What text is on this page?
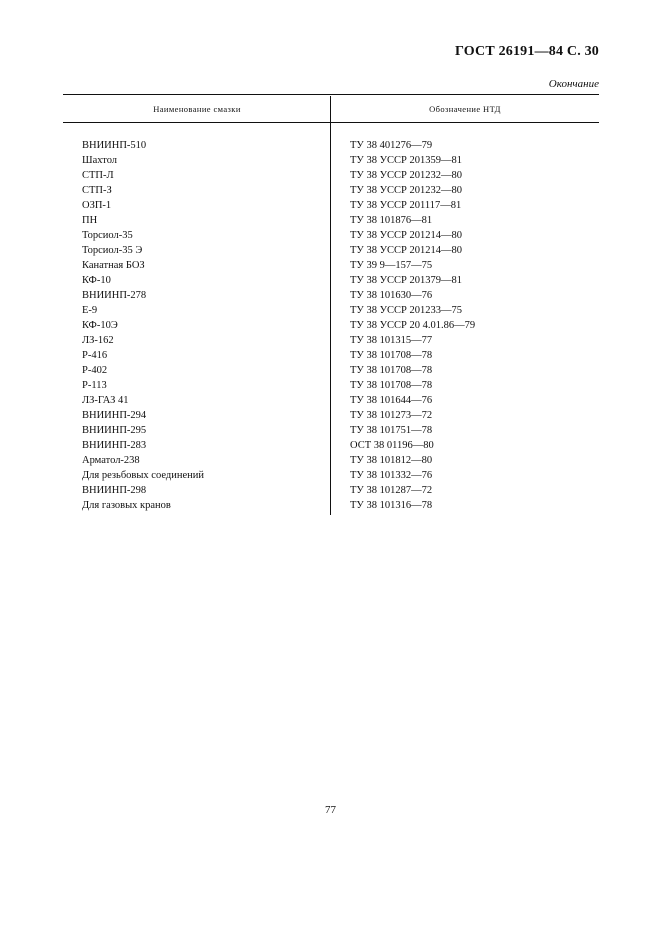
ГОСТ 26191—84 С. 30
Окончание
Наименование смазки	Обозначение НТД
ВНИИНП-510	ТУ 38 401276—79
Шахтол	ТУ 38 УССР 201359—81
СТП-Л	ТУ 38 УССР 201232—80
СТП-З	ТУ 38 УССР 201232—80
ОЗП-1	ТУ 38 УССР 201117—81
ПН	ТУ 38 101876—81
Торсиол-35	ТУ 38 УССР 201214—80
Торсиол-35 Э	ТУ 38 УССР 201214—80
Канатная БОЗ	ТУ 39 9—157—75
КФ-10	ТУ 38 УССР 201379—81
ВНИИНП-278	ТУ 38 101630—76
Е-9	ТУ 38 УССР 201233—75
КФ-10Э	ТУ 38 УССР 20 4.01.86—79
ЛЗ-162	ТУ 38 101315—77
Р-416	ТУ 38 101708—78
Р-402	ТУ 38 101708—78
Р-113	ТУ 38 101708—78
ЛЗ-ГАЗ 41	ТУ 38 101644—76
ВНИИНП-294	ТУ 38 101273—72
ВНИИНП-295	ТУ 38 101751—78
ВНИИНП-283	ОСТ 38 01196—80
Арматол-238	ТУ 38 101812—80
Для резьбовых соединений	ТУ 38 101332—76
ВНИИНП-298	ТУ 38 101287—72
Для газовых кранов	ТУ 38 101316—78
77
